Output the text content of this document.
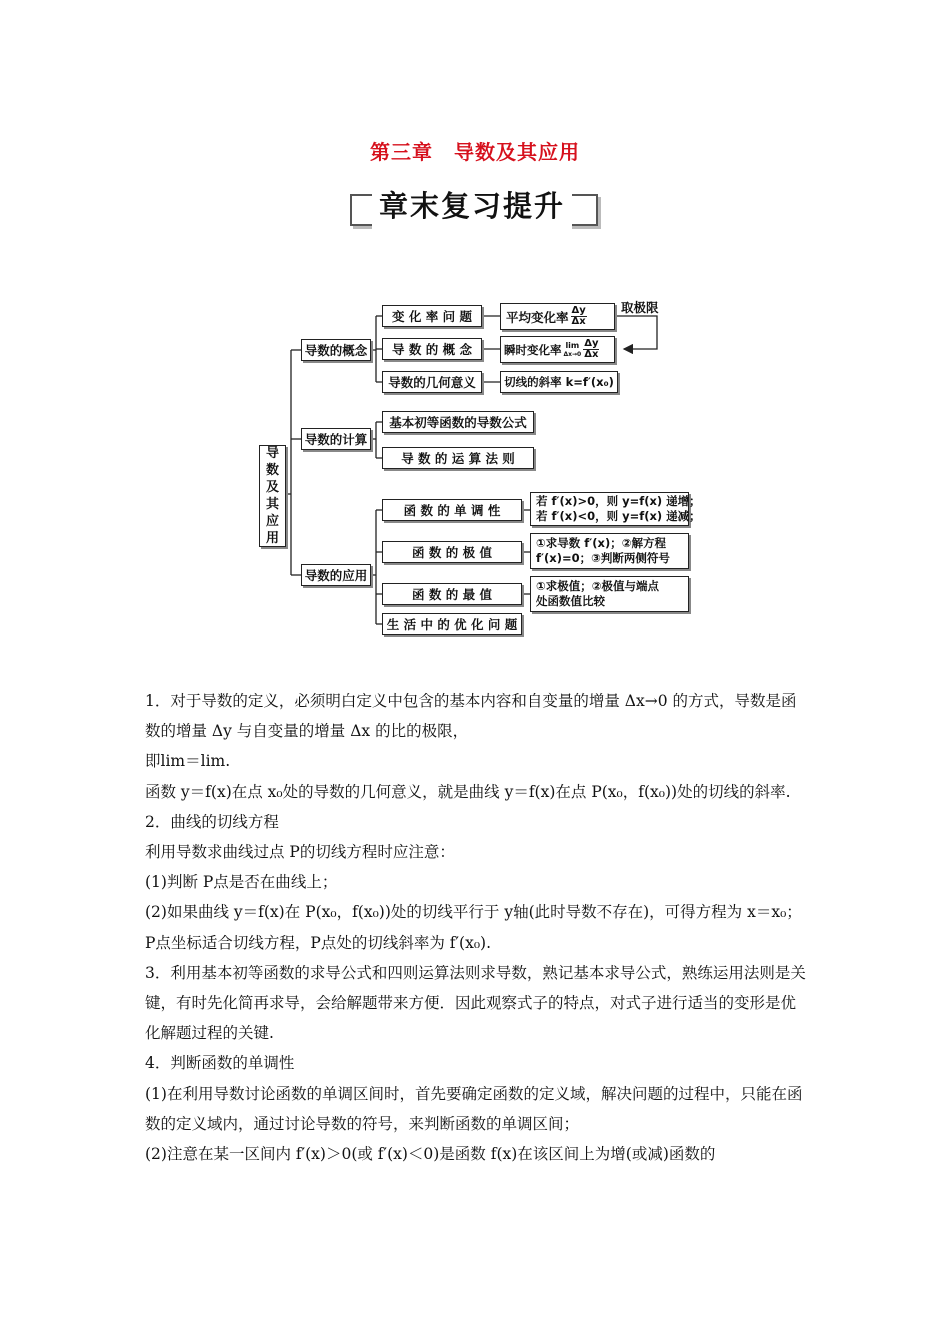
第三章　导数及其应用
章末复习提升
导
数
及
其
应
用
导数的概念
导数的计算
导数的应用
变 化 率 问 题
导 数 的 概 念
导数的几何意义
平均变化率 $\frac{\Delta y}{\Delta x}$
瞬时变化率 lim
$\Delta x\to 0 \frac{\Delta y}{\Delta x}$
切线的斜率 k=f′(x₀)
取极限
基本初等函数的导数公式
导 数 的 运 算 法 则
函 数 的 单 调 性
函 数 的 极 值
函 数 的 最 值
生 活 中 的 优 化 问 题
若 f′(x)>0，则 y=f(x) 递增；
若 f′(x)<0，则 y=f(x) 递减；
①求导数 f′(x)；②解方程
f′(x)=0；③判断两侧符号
①求极值；②极值与端点
处函数值比较

1．对于导数的定义，必须明白定义中包含的基本内容和自变量的增量 Δx→0 的方式，导数是函数的增量 Δy 与自变量的增量 Δx 的比的极限，

即lim＝lim.

函数 y＝f(x)在点 x₀处的导数的几何意义，就是曲线 y＝f(x)在点 P(x₀，f(x₀))处的切线的斜率.

2．曲线的切线方程

利用导数求曲线过点 P的切线方程时应注意：

(1)判断 P点是否在曲线上；

(2)如果曲线 y＝f(x)在 P(x₀，f(x₀))处的切线平行于 y轴(此时导数不存在)，可得方程为 x＝x₀；P点坐标适合切线方程，P点处的切线斜率为 f′(x₀).

3．利用基本初等函数的求导公式和四则运算法则求导数，熟记基本求导公式，熟练运用法则是关键，有时先化简再求导，会给解题带来方便．因此观察式子的特点，对式子进行适当的变形是优化解题过程的关键.

4．判断函数的单调性

(1)在利用导数讨论函数的单调区间时，首先要确定函数的定义域，解决问题的过程中，只能在函数的定义域内，通过讨论导数的符号，来判断函数的单调区间；

(2)注意在某一区间内 f′(x)＞0(或 f′(x)＜0)是函数 f(x)在该区间上为增(或减)函数的
